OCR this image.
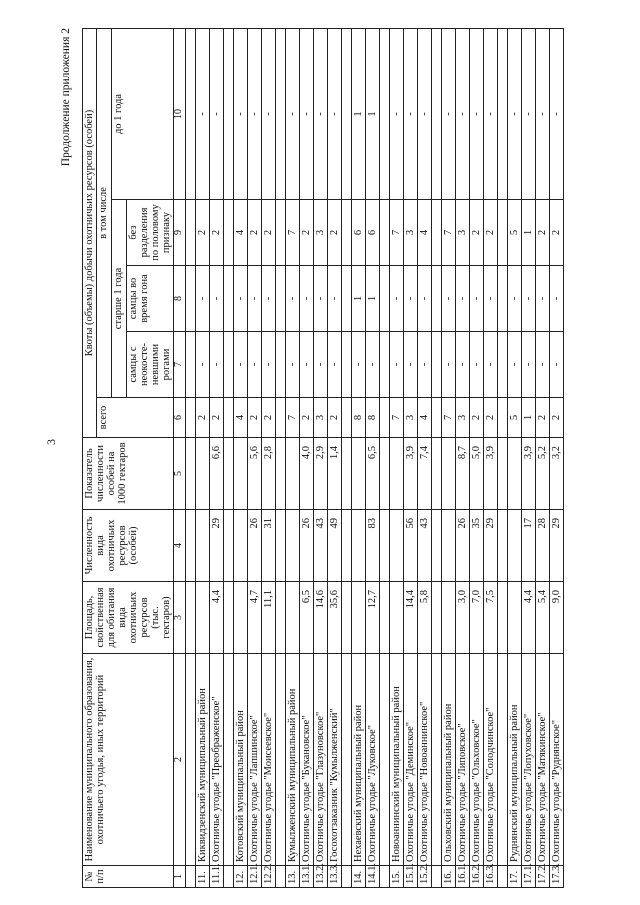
3
Продолжение приложения 2
№ п/п	Наименование муниципального образования, охотничьего угодья, иных территорий	Площадь, свойственная для обитания вида охотничьих ресурсов (тыс. гектаров)	Численность вида охотничьих ресурсов (особей)	Показатель численности особей на 1000 гектаров	Квоты (объемы) добычи охотничьих ресурсов (особей)				
					всего	в том числе			
						старше 1 года			до 1 года
						самцы с неокосте-невшими рогами	самцы во время гона	без разделения по половому признаку	
1	2	3	4	5	6	7	8	9	10

11.	Киквидзенский муниципальный район				2	-	-	2	-
11.1.	Охотничье угодье "Преображенское"	4,4	29	6,6	2	-	-	2	-

12.	Котовский муниципальный район				4	-	-	4	-
12.1.	Охотничье угодье "Лапшинское"	4,7	26	5,6	2	-	-	2	-
12.2.	Охотничье угодье "Моисеевское"	11,1	31	2,8	2	-	-	2	-

13.	Кумылженский муниципальный район				7	-	-	7	-
13.1.	Охотничье угодье "Букановское"	6,5	26	4,0	2	-	-	2	-
13.2.	Охотничье угодье "Глазуновское"	14,6	43	2,9	3	-	-	3	-
13.3.	Госохотзаказник "Кумылженский"	35,6	49	1,4	2	-	-	2	-

14.	Нехаевский муниципальный район				8	-	1	6	1
14.1.	Охотничье угодье "Луковское"	12,7	83	6,5	8	-	1	6	1

15.	Новоаннинский муниципальный район				7	-	-	7	-
15.1.	Охотничье угодье "Деминское"	14,4	56	3,9	3	-	-	3	-
15.2.	Охотничье угодье "Новоаннинское"	5,8	43	7,4	4	-	-	4	-

16.	Ольховский муниципальный район				7	-	-	7	-
16.1.	Охотничье угодье "Липовское"	3,0	26	8,7	3	-	-	3	-
16.2.	Охотничье угодье "Ольховское"	7,0	35	5,0	2	-	-	2	-
16.3.	Охотничье угодье "Солодчинское"	7,5	29	3,9	2	-	-	2	-

17.	Руднянский муниципальный район				5	-	-	5	-
17.1.	Охотничье угодье "Лопуховское"	4,4	17	3,9	1	-	-	1	-
17.2.	Охотничье угодье "Матякинское"	5,4	28	5,2	2	-	-	2	-
17.3.	Охотничье угодье "Руднянское"	9,0	29	3,2	2	-	-	2	-
